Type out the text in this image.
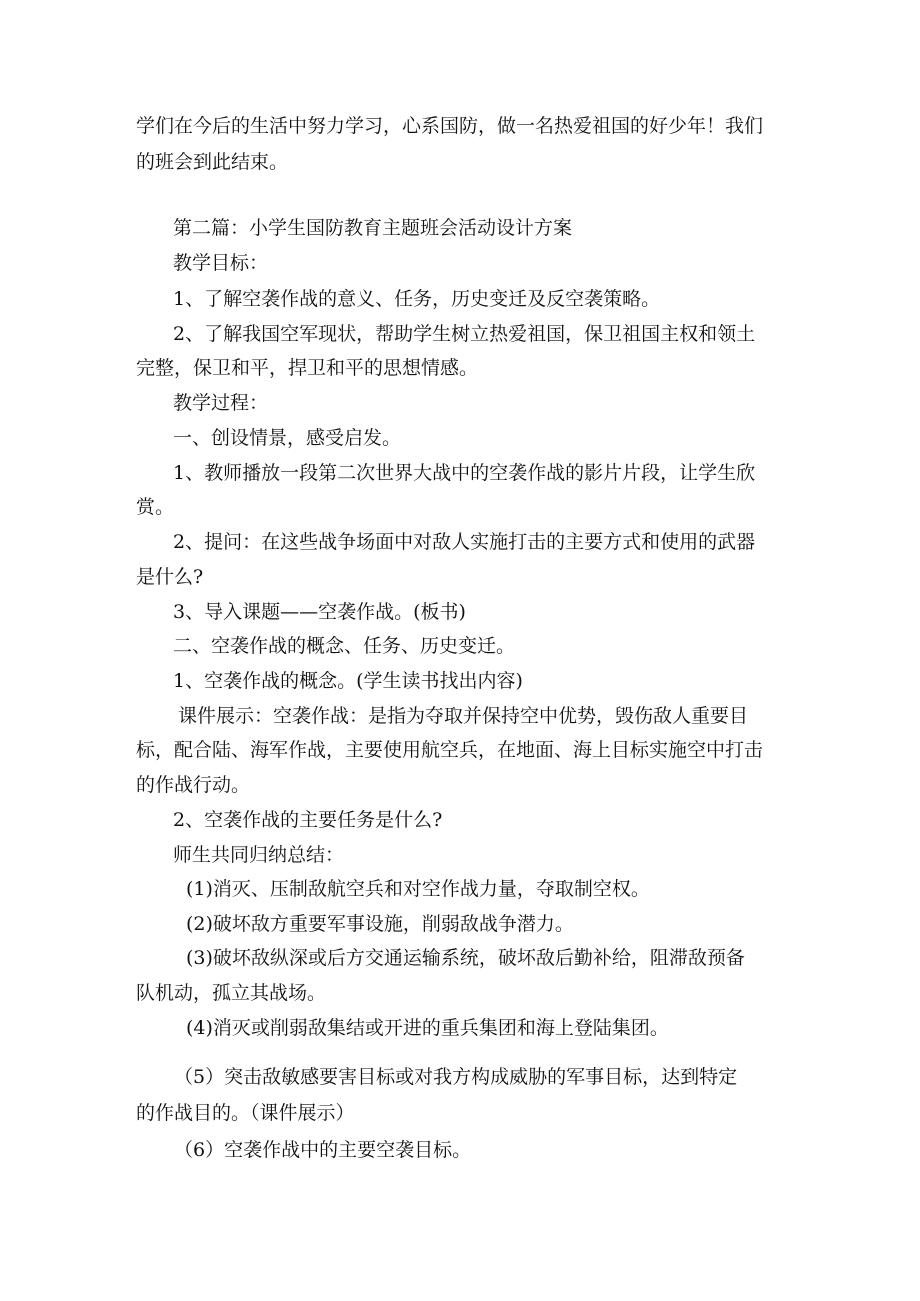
学们在今后的生活中努力学习，心系国防，做一名热爱祖国的好少年！我们
的班会到此结束。
第二篇：小学生国防教育主题班会活动设计方案
教学目标：
1、了解空袭作战的意义、任务，历史变迁及反空袭策略。
2、了解我国空军现状，帮助学生树立热爱祖国，保卫祖国主权和领土
完整，保卫和平，捍卫和平的思想情感。
教学过程：
一、创设情景，感受启发。
1、教师播放一段第二次世界大战中的空袭作战的影片片段，让学生欣
赏。
2、提问：在这些战争场面中对敌人实施打击的主要方式和使用的武器
是什么?
3、导入课题——空袭作战。(板书)
二、空袭作战的概念、任务、历史变迁。
1、空袭作战的概念。(学生读书找出内容)
课件展示：空袭作战：是指为夺取并保持空中优势，毁伤敌人重要目
标，配合陆、海军作战，主要使用航空兵，在地面、海上目标实施空中打击
的作战行动。
2、空袭作战的主要任务是什么?
师生共同归纳总结：
(1)消灭、压制敌航空兵和对空作战力量，夺取制空权。
(2)破坏敌方重要军事设施，削弱敌战争潜力。
(3)破坏敌纵深或后方交通运输系统，破坏敌后勤补给，阻滞敌预备
队机动，孤立其战场。
(4)消灭或削弱敌集结或开进的重兵集团和海上登陆集团。
（5）突击敌敏感要害目标或对我方构成威胁的军事目标，达到特定
的作战目的。（课件展示）
（6）空袭作战中的主要空袭目标。
